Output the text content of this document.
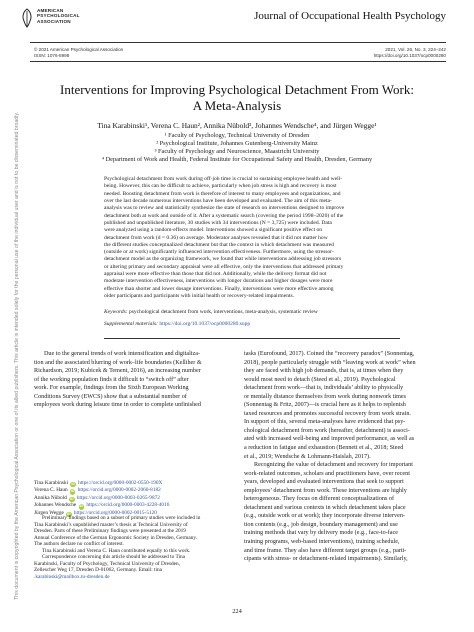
This document is copyrighted by the American Psychological Association or one of its allied publishers. This article is intended solely for the personal use of the individual user and is not to be disseminated broadly.
AMERICAN
PSYCHOLOGICAL
ASSOCIATION	Journal of Occupational Health Psychology
© 2021 American Psychological Association
ISSN: 1076-8998
2021, Vol. 26, No. 3, 224–242
https://doi.org/10.1037/ocp0000280
Interventions for Improving Psychological Detachment From Work:
A Meta-Analysis
Tina Karabinski¹, Verena C. Haun², Annika Nübold³, Johannes Wendsche⁴, and Jürgen Wegge¹
¹ Faculty of Psychology, Technical University of Dresden
² Psychological Institute, Johannes Gutenberg-University Mainz
³ Faculty of Psychology and Neuroscience, Maastricht University
⁴ Department of Work and Health, Federal Institute for Occupational Safety and Health, Dresden, Germany
Psychological detachment from work during off-job time is crucial to sustaining employee health and well-
being. However, this can be difficult to achieve, particularly when job stress is high and recovery is most
needed. Boosting detachment from work is therefore of interest to many employees and organizations, and
over the last decade numerous interventions have been developed and evaluated. The aim of this meta-
analysis was to review and statistically synthesize the state of research on interventions designed to improve
detachment both at work and outside of it. After a systematic search (covering the period 1998–2020) of the
published and unpublished literature, 30 studies with 34 interventions (N = 3,725) were included. Data
were analyzed using a random-effects model. Interventions showed a significant positive effect on
detachment from work (d = 0.36) on average. Moderator analyses revealed that it did not matter how
the different studies conceptualized detachment but that the context in which detachment was measured
(outside or at work) significantly influenced intervention effectiveness. Furthermore, using the stressor-
detachment model as the organizing framework, we found that while interventions addressing job stressors
or altering primary and secondary appraisal were all effective, only the interventions that addressed primary
appraisal were more effective than those that did not. Additionally, while the delivery format did not
moderate intervention effectiveness, interventions with longer durations and higher dosages were more
effective than shorter and lower dosage interventions. Finally, interventions were more effective among
older participants and participants with initial health or recovery-related impairments.
Keywords: psychological detachment from work, interventions, meta-analysis, systematic review
Supplemental materials: https://doi.org/10.1037/ocp0000280.supp
Due to the general trends of work intensification and digitaliza-
tion and the associated blurring of work–life boundaries (Kelliher &
Richardson, 2019; Kubicek & Tement, 2016), an increasing number
of the working population finds it difficult to “switch off” after
work. For example, findings from the Sixth European Working
Conditions Survey (EWCS) show that a substantial number of
employees work during leisure time in order to complete unfinished
Tina Karabinski iD https://orcid.org/0000-0002-0550-190X
Verena C. Haun iD https://orcid.org/0000-0002-2060-8182
Annika Nübold iD https://orcid.org/0000-0003-0265-9872
Johannes Wendsche iD https://orcid.org/0000-0003-4228-4016
Jürgen Wegge iD https://orcid.org/0000-0002-0015-5120
Preliminary findings based on a subset of primary studies were included in
Tina Karabinski’s unpublished master’s thesis at Technical University of
Dresden. Parts of these Preliminary findings were presented at the 2019
Annual Conference of the German Ergonomic Society in Dresden, Germany.
The authors declare no conflict of interest.
Tina Karabinski and Verena C. Haun contributed equally to this work.
Correspondence concerning this article should be addressed to Tina
Karabinski, Faculty of Psychology, Technical University of Dresden,
Zellescher Weg 17, Dresden D-01062, Germany. Email: tina
.karabinski@mailbox.tu-dresden.de
tasks (Eurofound, 2017). Coined the “recovery paradox” (Sonnentag,
2018), people particularly struggle with “leaving work at work” when
they are faced with high job demands, that is, at times when they
would most need to detach (Steed et al., 2019). Psychological
detachment from work—that is, individuals’ ability to physically
or mentally distance themselves from work during nonwork times
(Sonnentag & Fritz, 2007)—is crucial here as it helps to replenish
taxed resources and promotes successful recovery from work strain.
In support of this, several meta-analyses have evidenced that psy-
chological detachment from work (hereafter, detachment) is associ-
ated with increased well-being and improved performance, as well as
a reduction in fatigue and exhaustion (Bennett et al., 2018; Steed
et al., 2019; Wendsche & Lohmann-Haislah, 2017).
Recognizing the value of detachment and recovery for important
work-related outcomes, scholars and practitioners have, over recent
years, developed and evaluated interventions that seek to support
employees’ detachment from work. These interventions are highly
heterogeneous. They focus on different conceptualizations of
detachment and various contexts in which detachment takes place
(e.g., outside work or at work); they incorporate diverse interven-
tion contents (e.g., job design, boundary management) and use
training methods that vary by delivery mode (e.g., face-to-face
training programs, web-based interventions), training schedule,
and time frame. They also have different target groups (e.g., parti-
cipants with stress- or detachment-related impairments). Similarly,
224
